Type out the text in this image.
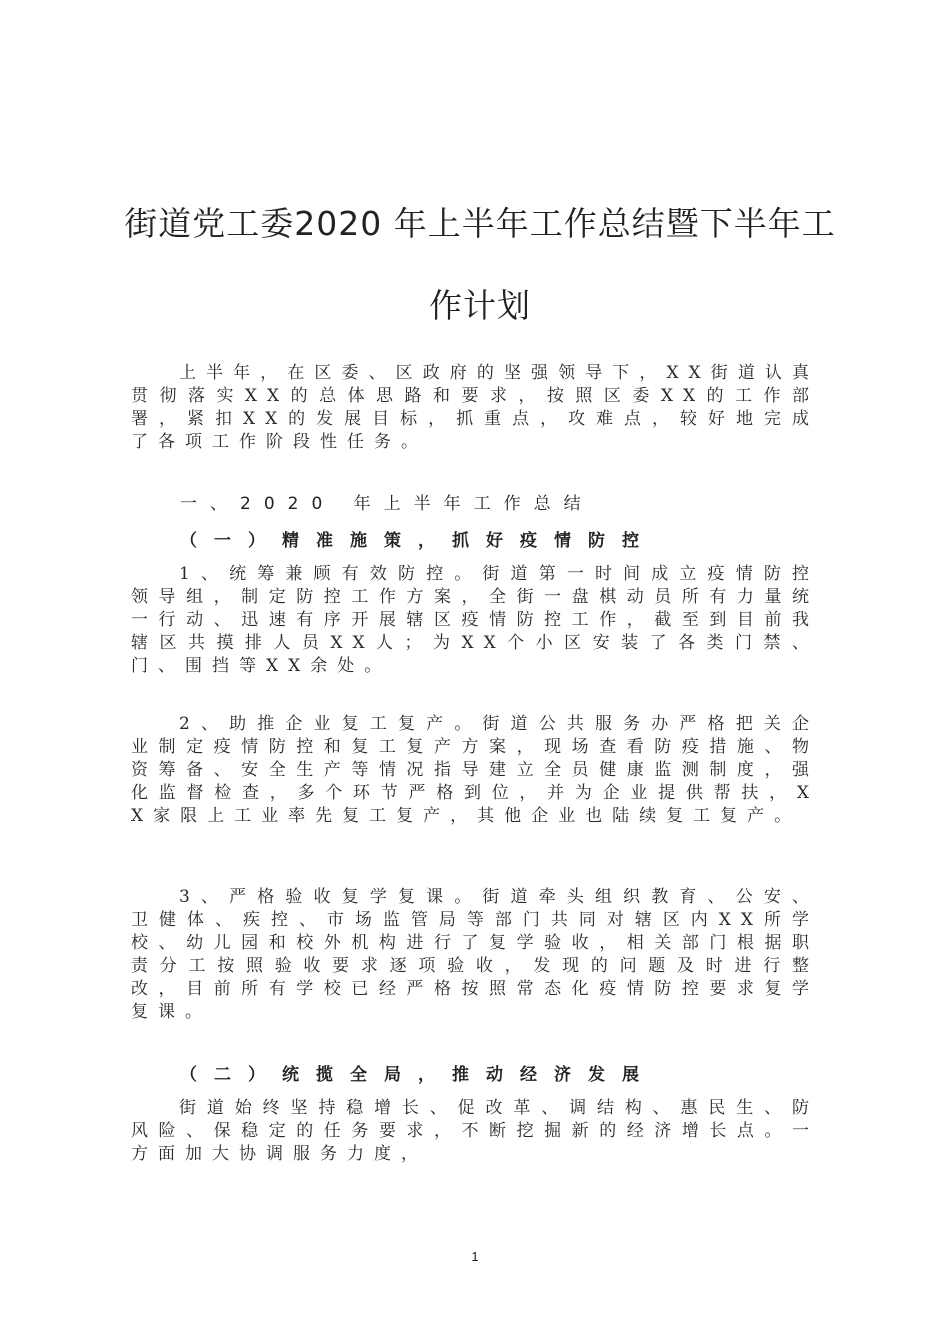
街道党工委2020 年上半年工作总结暨下半年工
作计划

上半年，在区委、区政府的坚强领导下，XX街道认真贯彻落实XX的总体思路和要求，按照区委XX的工作部署，紧扣XX的发展目标，抓重点，攻难点，较好地完成了各项工作阶段性任务。

一、2020 年上半年工作总结
（一）精准施策，抓好疫情防控

1、统筹兼顾有效防控。街道第一时间成立疫情防控领导组，制定防控工作方案，全街一盘棋动员所有力量统一行动、迅速有序开展辖区疫情防控工作，截至到目前我辖区共摸排人员XX人；为XX个小区安装了各类门禁、门、围挡等XX余处。

2、助推企业复工复产。街道公共服务办严格把关企业制定疫情防控和复工复产方案，现场查看防疫措施、物资筹备、安全生产等情况指导建立全员健康监测制度，强化监督检查，多个环节严格到位，并为企业提供帮扶，XX家限上工业率先复工复产，其他企业也陆续复工复产。

3、严格验收复学复课。街道牵头组织教育、公安、卫健体、疾控、市场监管局等部门共同对辖区内XX所学校、幼儿园和校外机构进行了复学验收，相关部门根据职责分工按照验收要求逐项验收，发现的问题及时进行整改，目前所有学校已经严格按照常态化疫情防控要求复学复课。

（二）统揽全局，推动经济发展

街道始终坚持稳增长、促改革、调结构、惠民生、防风险、保稳定的任务要求，不断挖掘新的经济增长点。一方面加大协调服务力度，

1
